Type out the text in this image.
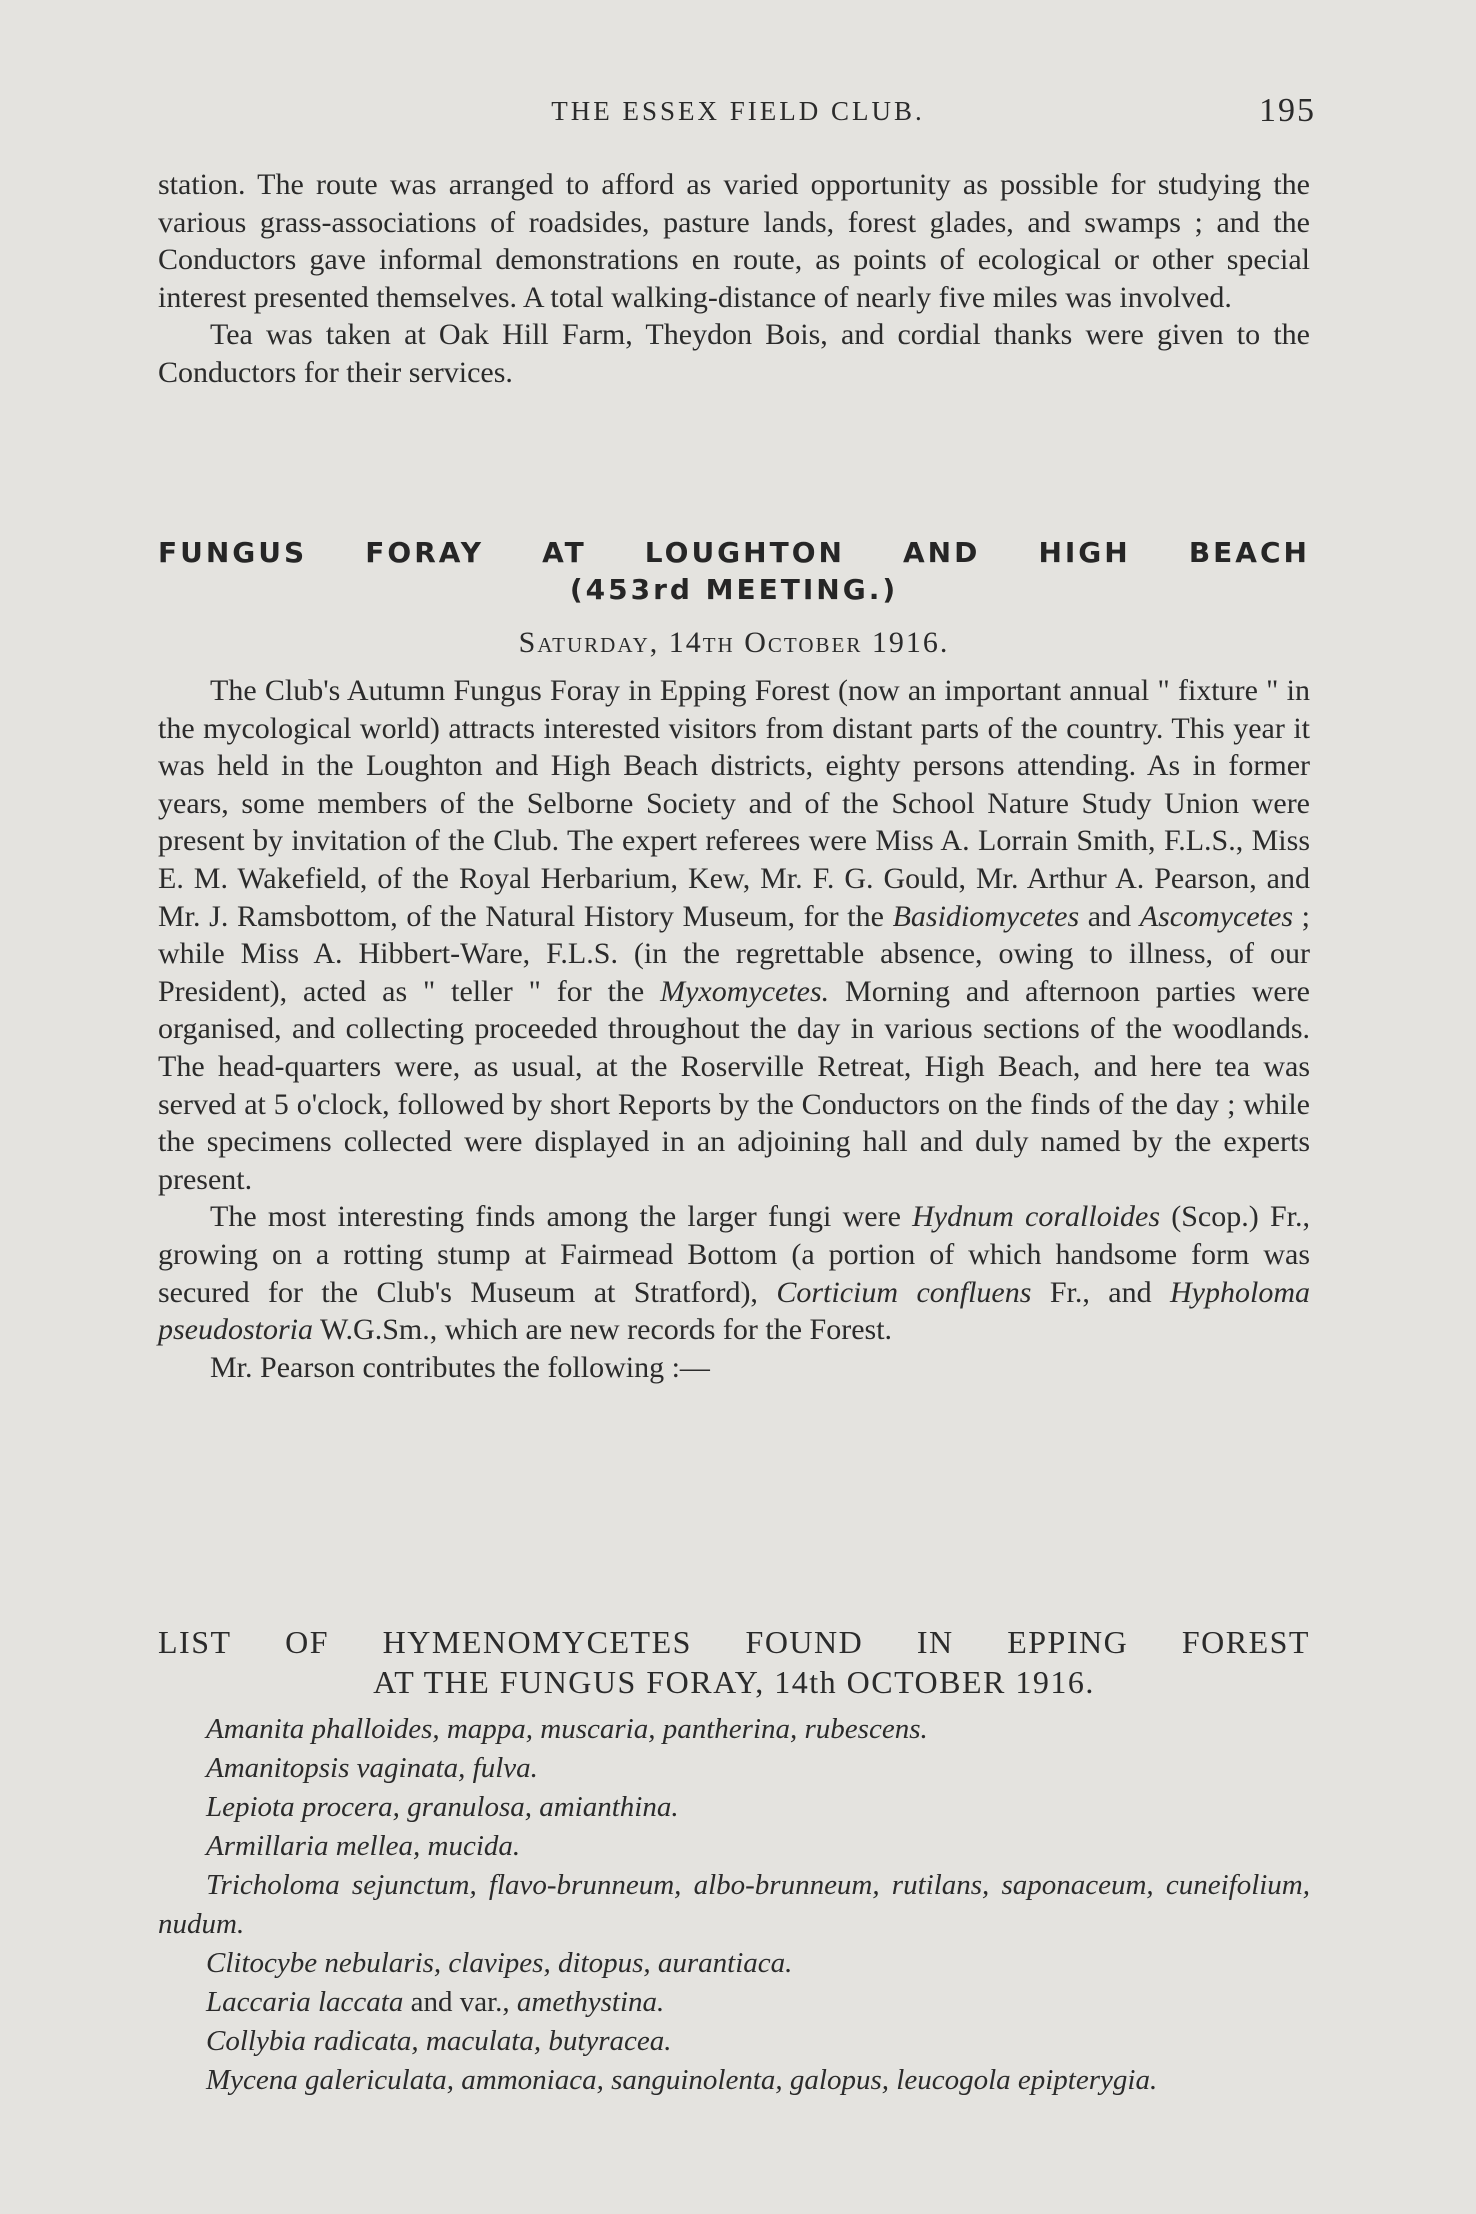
THE ESSEX FIELD CLUB.	195

station. The route was arranged to afford as varied opportunity as possible for studying the various grass-associations of roadsides, pasture lands, forest glades, and swamps ; and the Conductors gave informal demonstrations en route, as points of ecological or other special interest presented themselves. A total walking-distance of nearly five miles was involved.

Tea was taken at Oak Hill Farm, Theydon Bois, and cordial thanks were given to the Conductors for their services.

FUNGUS FORAY AT LOUGHTON AND HIGH BEACH
(453rd MEETING.)
Saturday, 14th October 1916.

The Club's Autumn Fungus Foray in Epping Forest (now an important annual " fixture " in the mycological world) attracts interested visitors from distant parts of the country. This year it was held in the Loughton and High Beach districts, eighty persons attending. As in former years, some members of the Selborne Society and of the School Nature Study Union were present by invitation of the Club. The expert referees were Miss A. Lorrain Smith, F.L.S., Miss E. M. Wakefield, of the Royal Herbarium, Kew, Mr. F. G. Gould, Mr. Arthur A. Pearson, and Mr. J. Ramsbottom, of the Natural History Museum, for the Basidiomycetes and Ascomycetes ; while Miss A. Hibbert-Ware, F.L.S. (in the regrettable absence, owing to illness, of our President), acted as " teller " for the Myxomycetes. Morning and afternoon parties were organised, and collecting proceeded throughout the day in various sections of the woodlands. The head-quarters were, as usual, at the Roserville Retreat, High Beach, and here tea was served at 5 o'clock, followed by short Reports by the Conductors on the finds of the day ; while the specimens collected were displayed in an adjoining hall and duly named by the experts present.

The most interesting finds among the larger fungi were Hydnum coralloides (Scop.) Fr., growing on a rotting stump at Fairmead Bottom (a portion of which handsome form was secured for the Club's Museum at Stratford), Corticium confluens Fr., and Hypholoma pseudostoria W.G.Sm., which are new records for the Forest.

Mr. Pearson contributes the following :—

LIST OF HYMENOMYCETES FOUND IN EPPING FOREST
AT THE FUNGUS FORAY, 14th OCTOBER 1916.

Amanita phalloides, mappa, muscaria, pantherina, rubescens.

Amanitopsis vaginata, fulva.

Lepiota procera, granulosa, amianthina.

Armillaria mellea, mucida.

Tricholoma sejunctum, flavo-brunneum, albo-brunneum, rutilans, saponaceum, cuneifolium, nudum.

Clitocybe nebularis, clavipes, ditopus, aurantiaca.

Laccaria laccata and var., amethystina.

Collybia radicata, maculata, butyracea.

Mycena galericulata, ammoniaca, sanguinolenta, galopus, leucogola epipterygia.
